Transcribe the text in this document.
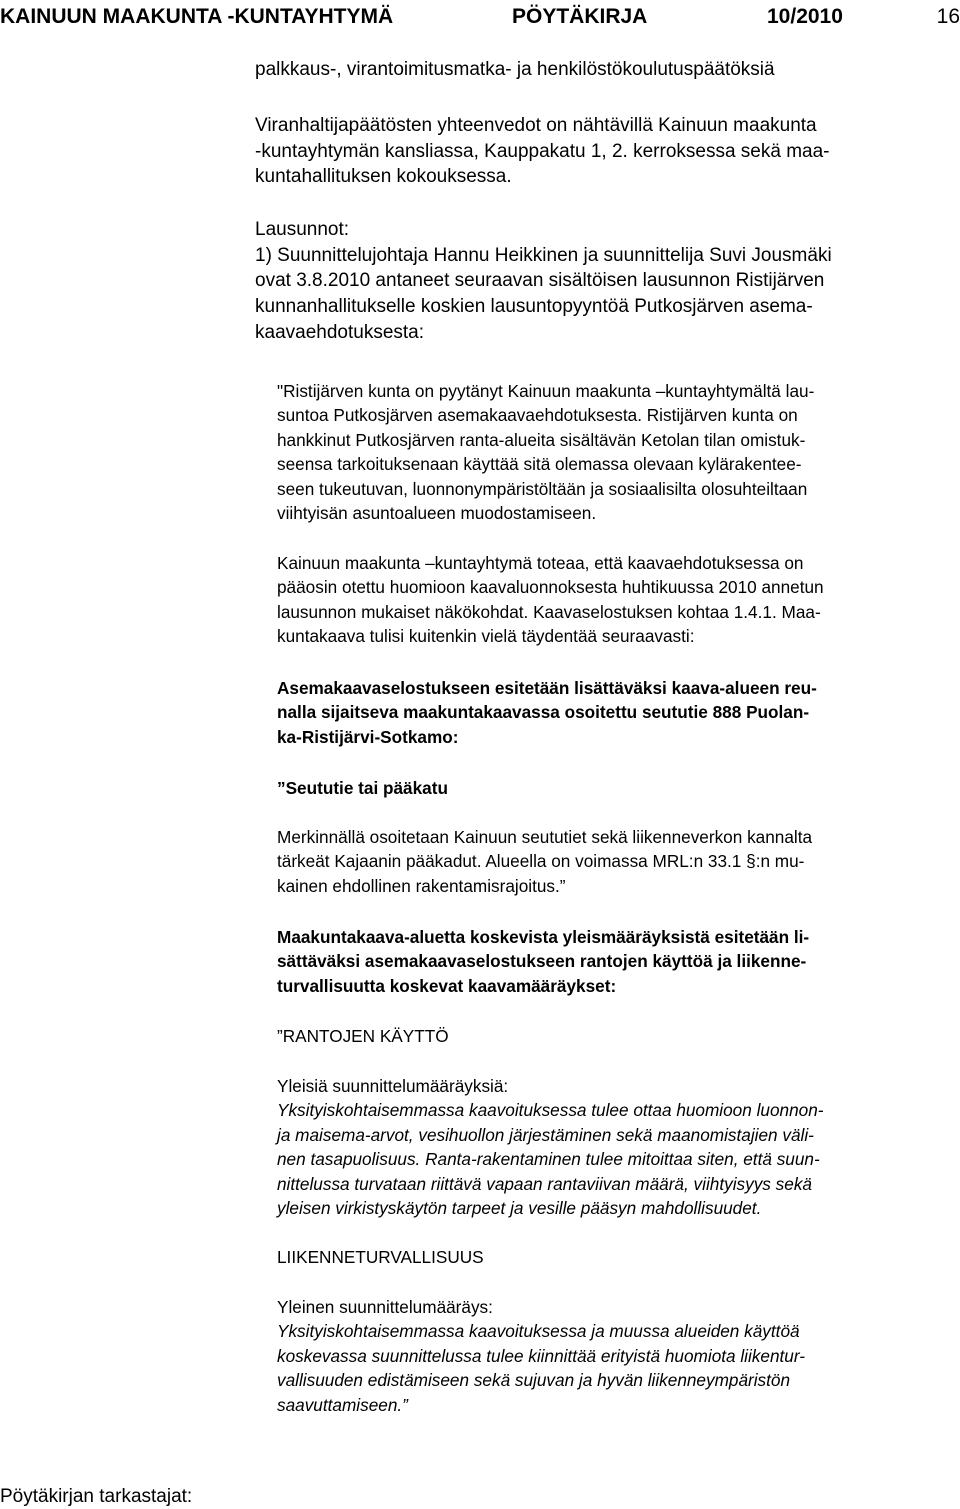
KAINUUN MAAKUNTA -KUNTAYHTYMÄ	PÖYTÄKIRJA	10/2010	16
palkkaus-, virantoimitusmatka- ja henkilöstökoulutuspäätöksiä
Viranhaltijapäätösten yhteenvedot on nähtävillä Kainuun maakunta
-kuntayhtymän kansliassa, Kauppakatu 1, 2. kerroksessa sekä maa-
kuntahallituksen kokouksessa.
Lausunnot:
1) Suunnittelujohtaja Hannu Heikkinen ja suunnittelija Suvi Jousmäki
ovat 3.8.2010 antaneet seuraavan sisältöisen lausunnon Ristijärven
kunnanhallitukselle koskien lausuntopyyntöä Putkosjärven asema-
kaavaehdotuksesta:
"Ristijärven kunta on pyytänyt Kainuun maakunta –kuntayhtymältä lau-
suntoa Putkosjärven asemakaavaehdotuksesta. Ristijärven kunta on
hankkinut Putkosjärven ranta-alueita sisältävän Ketolan tilan omistuk-
seensa tarkoituksenaan käyttää sitä olemassa olevaan kylärakentee-
seen tukeutuvan, luonnonympäristöltään ja sosiaalisilta olosuhteiltaan
viihtyisän asuntoalueen muodostamiseen.
Kainuun maakunta –kuntayhtymä toteaa, että kaavaehdotuksessa on
pääosin otettu huomioon kaavaluonnoksesta huhtikuussa 2010 annetun
lausunnon mukaiset näkökohdat. Kaavaselostuksen kohtaa 1.4.1. Maa-
kuntakaava tulisi kuitenkin vielä täydentää seuraavasti:
Asemakaavaselostukseen esitetään lisättäväksi kaava-alueen reu-
nalla sijaitseva maakuntakaavassa osoitettu seututie 888 Puolan-
ka-Ristijärvi-Sotkamo:
”Seututie tai pääkatu
Merkinnällä osoitetaan Kainuun seututiet sekä liikenneverkon kannalta
tärkeät Kajaanin pääkadut. Alueella on voimassa MRL:n 33.1 §:n mu-
kainen ehdollinen rakentamisrajoitus.”
Maakuntakaava-aluetta koskevista yleismääräyksistä esitetään li-
sättäväksi asemakaavaselostukseen rantojen käyttöä ja liikenne-
turvallisuutta koskevat kaavamääräykset:
”RANTOJEN KÄYTTÖ
Yleisiä suunnittelumääräyksiä:
Yksityiskohtaisemmassa kaavoituksessa tulee ottaa huomioon luonnon-
ja maisema-arvot, vesihuollon järjestäminen sekä maanomistajien väli-
nen tasapuolisuus. Ranta-rakentaminen tulee mitoittaa siten, että suun-
nittelussa turvataan riittävä vapaan rantaviivan määrä, viihtyisyys sekä
yleisen virkistyskäytön tarpeet ja vesille pääsyn mahdollisuudet.
LIIKENNETURVALLISUUS
Yleinen suunnittelumääräys:
Yksityiskohtaisemmassa kaavoituksessa ja muussa alueiden käyttöä
koskevassa suunnittelussa tulee kiinnittää erityistä huomiota liikentur-
vallisuuden edistämiseen sekä sujuvan ja hyvän liikenneympäristön
saavuttamiseen.”
Pöytäkirjan tarkastajat:
